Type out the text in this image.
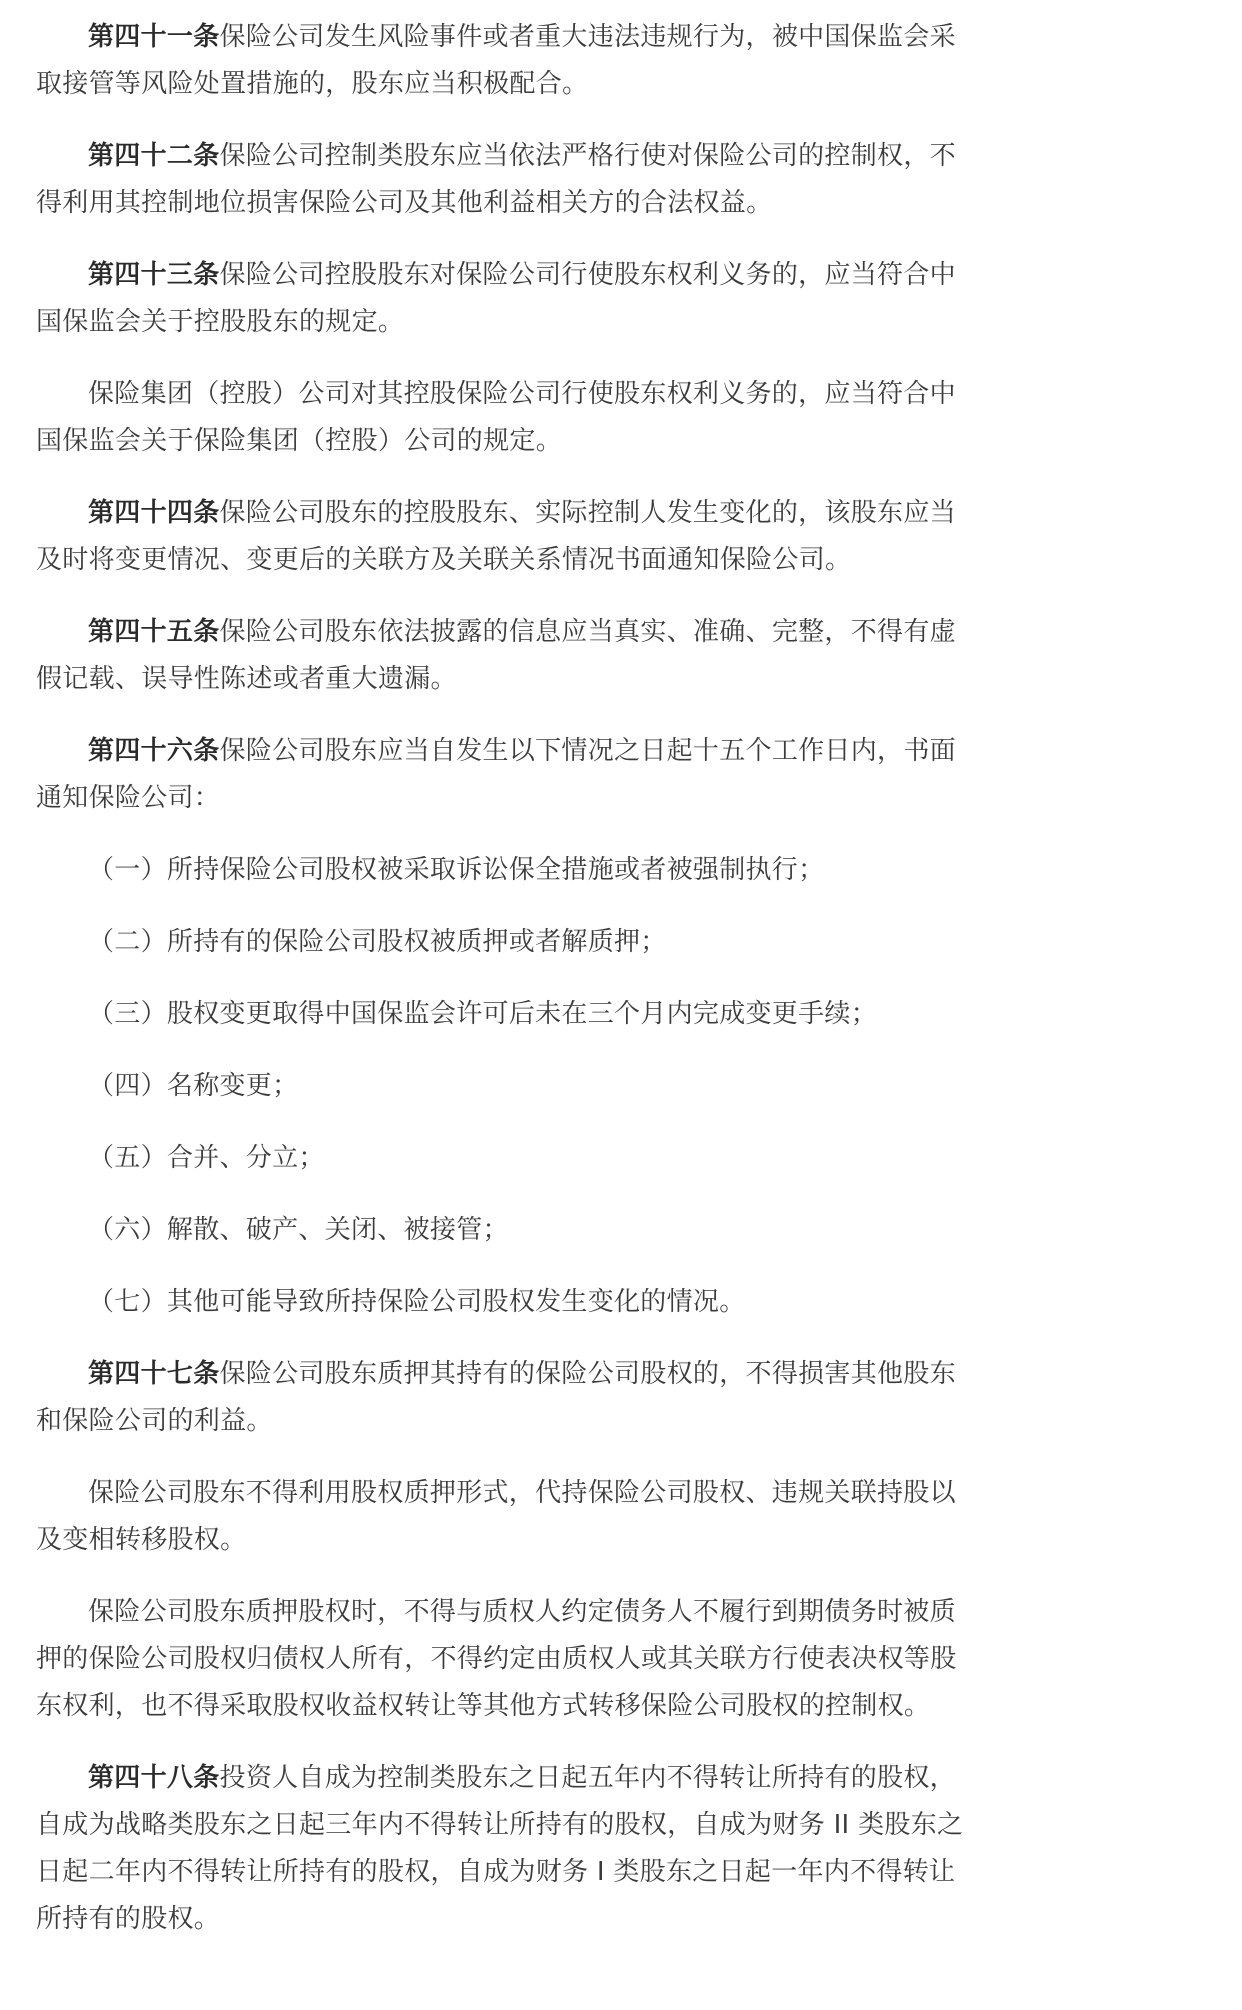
第四十一条保险公司发生风险事件或者重大违法违规行为，被中国保监会采取接管等风险处置措施的，股东应当积极配合。

第四十二条保险公司控制类股东应当依法严格行使对保险公司的控制权，不得利用其控制地位损害保险公司及其他利益相关方的合法权益。

第四十三条保险公司控股股东对保险公司行使股东权利义务的，应当符合中国保监会关于控股股东的规定。

保险集团（控股）公司对其控股保险公司行使股东权利义务的，应当符合中国保监会关于保险集团（控股）公司的规定。

第四十四条保险公司股东的控股股东、实际控制人发生变化的，该股东应当及时将变更情况、变更后的关联方及关联关系情况书面通知保险公司。

第四十五条保险公司股东依法披露的信息应当真实、准确、完整，不得有虚假记载、误导性陈述或者重大遗漏。

第四十六条保险公司股东应当自发生以下情况之日起十五个工作日内，书面通知保险公司：

（一）所持保险公司股权被采取诉讼保全措施或者被强制执行；

（二）所持有的保险公司股权被质押或者解质押；

（三）股权变更取得中国保监会许可后未在三个月内完成变更手续；

（四）名称变更；

（五）合并、分立；

（六）解散、破产、关闭、被接管；

（七）其他可能导致所持保险公司股权发生变化的情况。

第四十七条保险公司股东质押其持有的保险公司股权的，不得损害其他股东和保险公司的利益。

保险公司股东不得利用股权质押形式，代持保险公司股权、违规关联持股以及变相转移股权。

保险公司股东质押股权时，不得与质权人约定债务人不履行到期债务时被质押的保险公司股权归债权人所有，不得约定由质权人或其关联方行使表决权等股东权利，也不得采取股权收益权转让等其他方式转移保险公司股权的控制权。

第四十八条投资人自成为控制类股东之日起五年内不得转让所持有的股权，自成为战略类股东之日起三年内不得转让所持有的股权，自成为财务 II 类股东之日起二年内不得转让所持有的股权，自成为财务 I 类股东之日起一年内不得转让所持有的股权。
